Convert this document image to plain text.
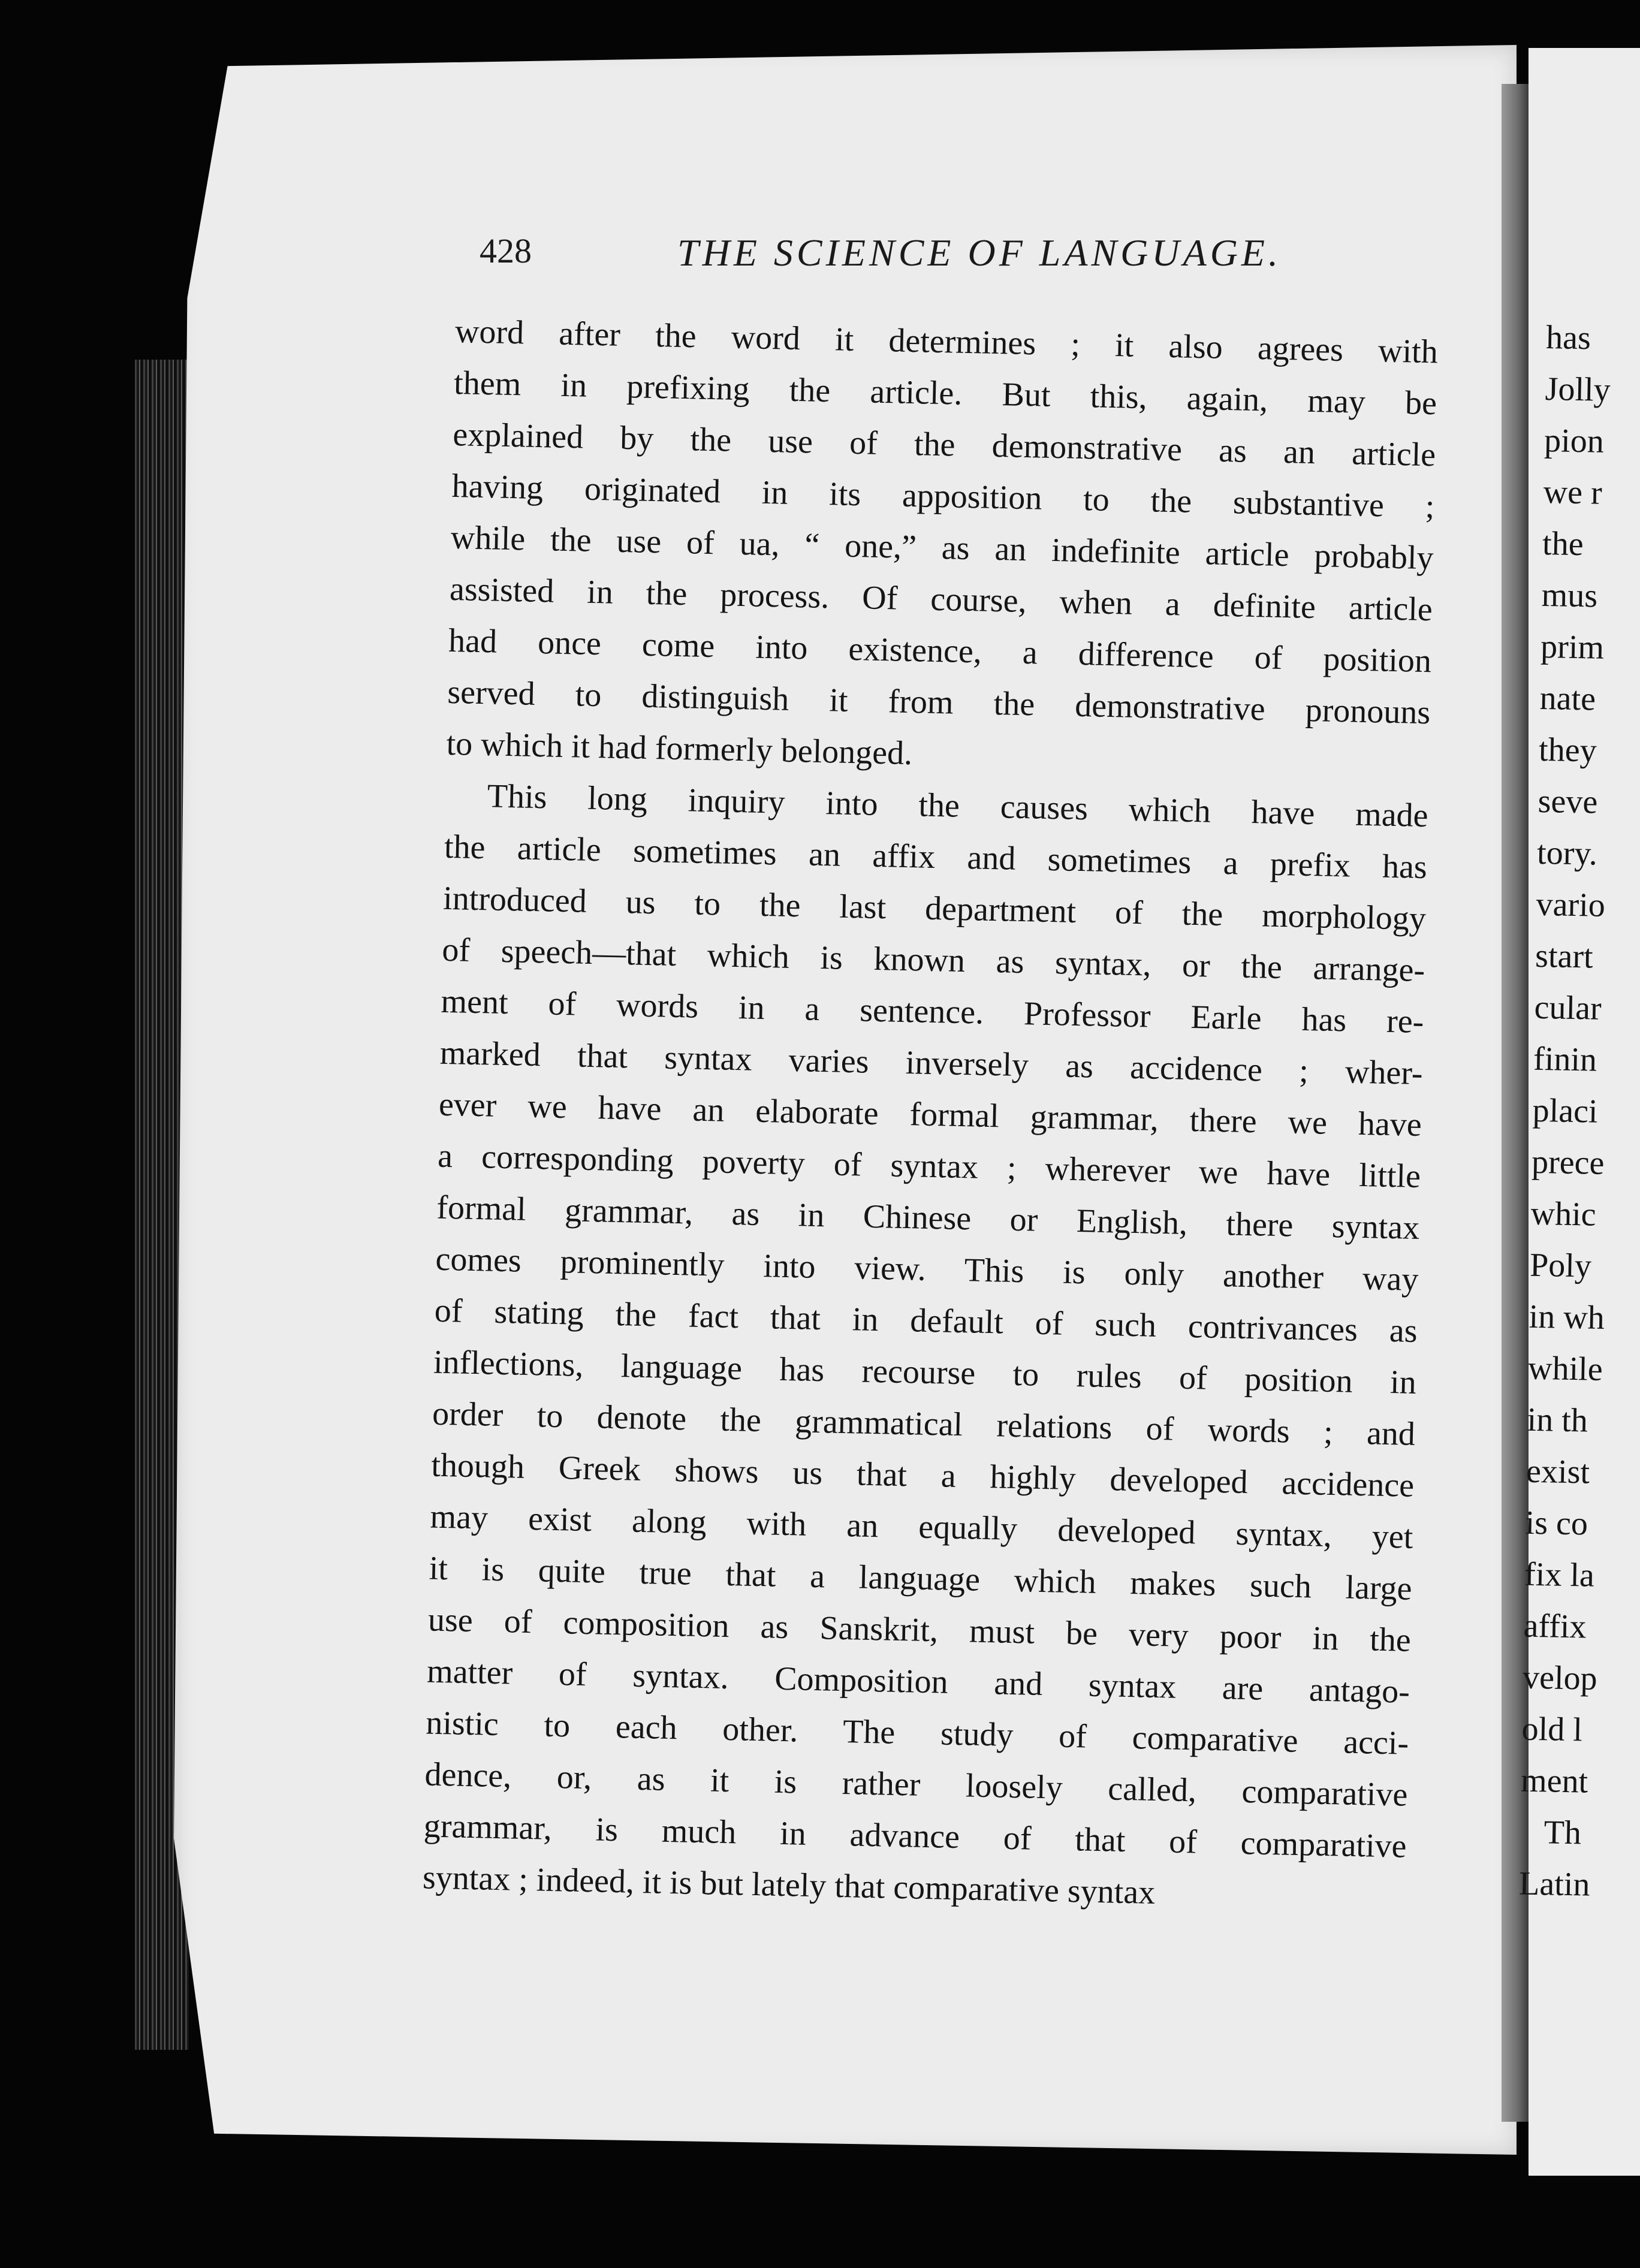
428	THE SCIENCE OF LANGUAGE.
word after the word it determines ; it also agrees with
them in prefixing the article. But this, again, may be
explained by the use of the demonstrative as an article
having originated in its apposition to the substantive ;
while the use of ua, “ one,” as an indefinite article probably
assisted in the process. Of course, when a definite article
had once come into existence, a difference of position
served to distinguish it from the demonstrative pronouns
to which it had formerly belonged.
This long inquiry into the causes which have made
the article sometimes an affix and sometimes a prefix has
introduced us to the last department of the morphology
of speech—that which is known as syntax, or the arrange-
ment of words in a sentence. Professor Earle has re-
marked that syntax varies inversely as accidence ; wher-
ever we have an elaborate formal grammar, there we have
a corresponding poverty of syntax ; wherever we have little
formal grammar, as in Chinese or English, there syntax
comes prominently into view. This is only another way
of stating the fact that in default of such contrivances as
inflections, language has recourse to rules of position in
order to denote the grammatical relations of words ; and
though Greek shows us that a highly developed accidence
may exist along with an equally developed syntax, yet
it is quite true that a language which makes such large
use of composition as Sanskrit, must be very poor in the
matter of syntax. Composition and syntax are antago-
nistic to each other. The study of comparative acci-
dence, or, as it is rather loosely called, comparative
grammar, is much in advance of that of comparative
syntax ; indeed, it is but lately that comparative syntax
has
Jolly
pion
we r
the
mus
prim
nate
they
seve
tory.
vario
start
cular
finin
placi
prece
whic
Poly
in wh
while
in th
exist
is co
fix la
affix
velop
old l
ment
Th
Latin
